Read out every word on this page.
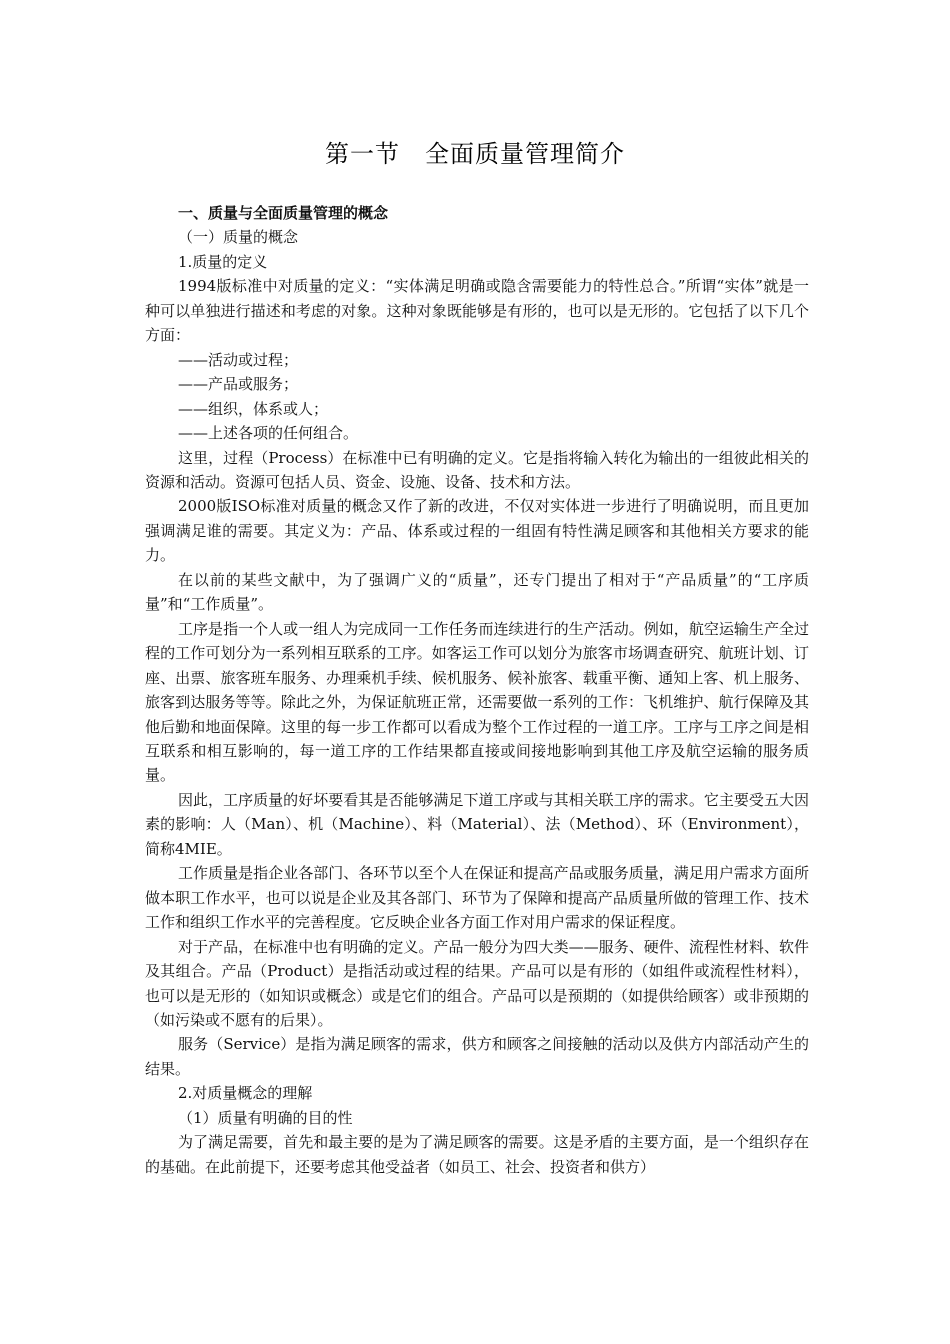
第一节　全面质量管理简介

一、质量与全面质量管理的概念

（一）质量的概念

1.质量的定义

1994版标准中对质量的定义：“实体满足明确或隐含需要能力的特性总合。”所谓“实体”就是一种可以单独进行描述和考虑的对象。这种对象既能够是有形的，也可以是无形的。它包括了以下几个方面：

——活动或过程；

——产品或服务；

——组织，体系或人；

——上述各项的任何组合。

这里，过程（Process）在标准中已有明确的定义。它是指将输入转化为输出的一组彼此相关的资源和活动。资源可包括人员、资金、设施、设备、技术和方法。

2000版ISO标准对质量的概念又作了新的改进，不仅对实体进一步进行了明确说明，而且更加强调满足谁的需要。其定义为：产品、体系或过程的一组固有特性满足顾客和其他相关方要求的能力。

在以前的某些文献中，为了强调广义的“质量”，还专门提出了相对于“产品质量”的“工序质量”和“工作质量”。

工序是指一个人或一组人为完成同一工作任务而连续进行的生产活动。例如，航空运输生产全过程的工作可划分为一系列相互联系的工序。如客运工作可以划分为旅客市场调查研究、航班计划、订座、出票、旅客班车服务、办理乘机手续、候机服务、候补旅客、载重平衡、通知上客、机上服务、旅客到达服务等等。除此之外，为保证航班正常，还需要做一系列的工作：飞机维护、航行保障及其他后勤和地面保障。这里的每一步工作都可以看成为整个工作过程的一道工序。工序与工序之间是相互联系和相互影响的，每一道工序的工作结果都直接或间接地影响到其他工序及航空运输的服务质量。

因此，工序质量的好坏要看其是否能够满足下道工序或与其相关联工序的需求。它主要受五大因素的影响：人（Man）、机（Machine）、料（Material）、法（Method）、环（Environment），简称4MIE。

工作质量是指企业各部门、各环节以至个人在保证和提高产品或服务质量，满足用户需求方面所做本职工作水平，也可以说是企业及其各部门、环节为了保障和提高产品质量所做的管理工作、技术工作和组织工作水平的完善程度。它反映企业各方面工作对用户需求的保证程度。

对于产品，在标准中也有明确的定义。产品一般分为四大类——服务、硬件、流程性材料、软件及其组合。产品（Product）是指活动或过程的结果。产品可以是有形的（如组件或流程性材料），也可以是无形的（如知识或概念）或是它们的组合。产品可以是预期的（如提供给顾客）或非预期的（如污染或不愿有的后果）。

服务（Service）是指为满足顾客的需求，供方和顾客之间接触的活动以及供方内部活动产生的结果。

2.对质量概念的理解

（1）质量有明确的目的性

为了满足需要，首先和最主要的是为了满足顾客的需要。这是矛盾的主要方面，是一个组织存在的基础。在此前提下，还要考虑其他受益者（如员工、社会、投资者和供方）
